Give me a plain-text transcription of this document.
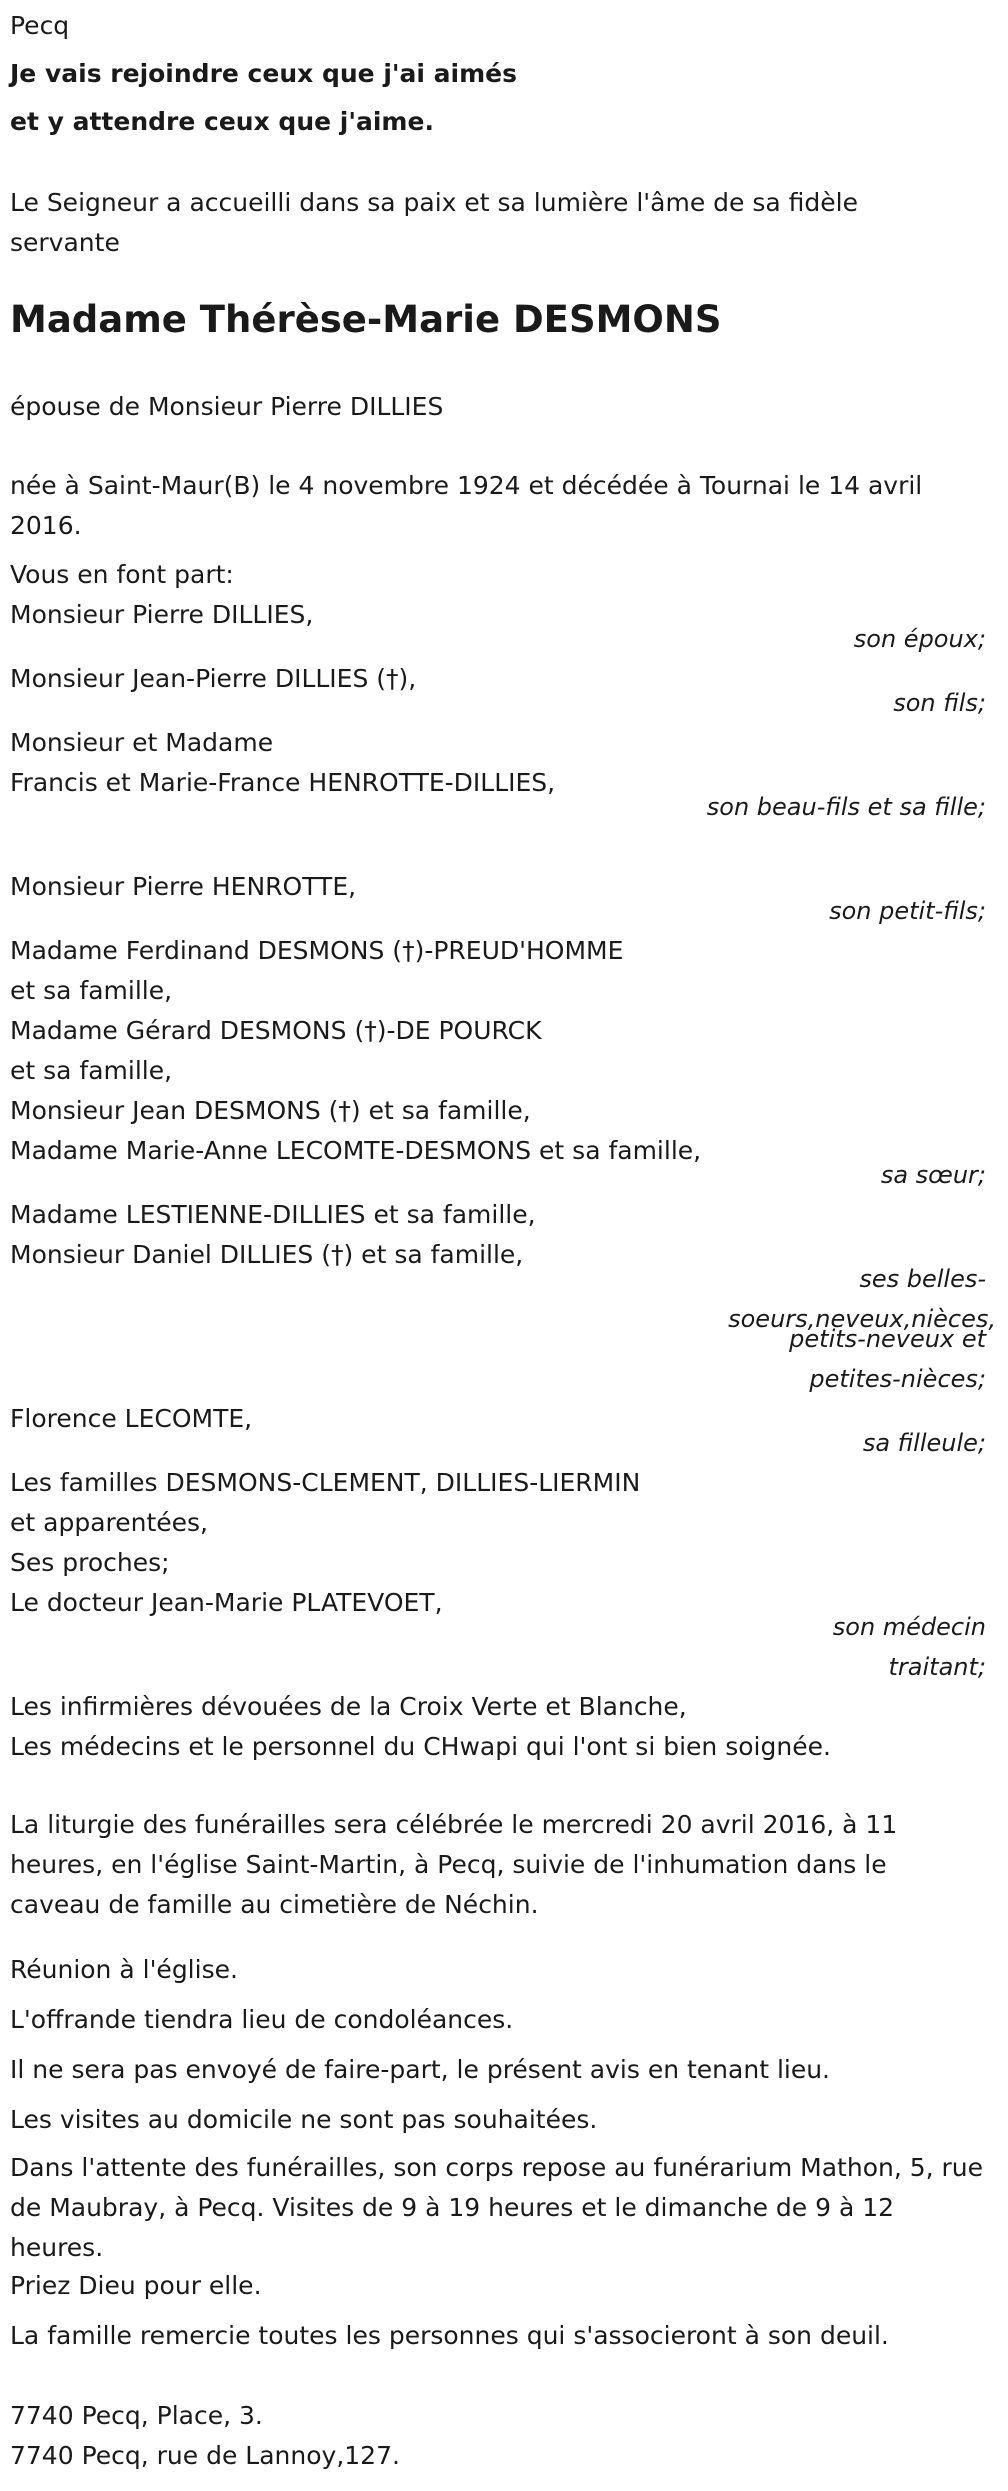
Pecq

Je vais rejoindre ceux que j'ai aimés

et y attendre ceux que j'aime.

Le Seigneur a accueilli dans sa paix et sa lumière l'âme de sa fidèle servante

Madame Thérèse-Marie DESMONS

épouse de Monsieur Pierre DILLIES

née à Saint-Maur(B) le 4 novembre 1924 et décédée à Tournai le 14 avril 2016.

Vous en font part:

Monsieur Pierre DILLIES,
son époux;
Monsieur Jean-Pierre DILLIES (†),
son fils;
Monsieur et Madame
Francis et Marie-France HENROTTE-DILLIES,
son beau-fils et sa fille;
Monsieur Pierre HENROTTE,
son petit-fils;
Madame Ferdinand DESMONS (†)-PREUD'HOMME
et sa famille,
Madame Gérard DESMONS (†)-DE POURCK
et sa famille,
Monsieur Jean DESMONS (†) et sa famille,
Madame Marie-Anne LECOMTE-DESMONS et sa famille,
sa sœur;
Madame LESTIENNE-DILLIES et sa famille,
Monsieur Daniel DILLIES (†) et sa famille,
ses belles-
soeurs,neveux,nièces,
petits-neveux et
petites-nièces;
Florence LECOMTE,
sa filleule;
Les familles DESMONS-CLEMENT, DILLIES-LIERMIN
et apparentées,
Ses proches;
Le docteur Jean-Marie PLATEVOET,
son médecin traitant;
Les infirmières dévouées de la Croix Verte et Blanche,
Les médecins et le personnel du CHwapi qui l'ont si bien soignée.

La liturgie des funérailles sera célébrée le mercredi 20 avril 2016, à 11 heures, en l'église Saint-Martin, à Pecq, suivie de l'inhumation dans le caveau de famille au cimetière de Néchin.

Réunion à l'église.

L'offrande tiendra lieu de condoléances.

Il ne sera pas envoyé de faire-part, le présent avis en tenant lieu.

Les visites au domicile ne sont pas souhaitées.

Dans l'attente des funérailles, son corps repose au funérarium Mathon, 5, rue de Maubray, à Pecq. Visites de 9 à 19 heures et le dimanche de 9 à 12 heures.

Priez Dieu pour elle.

La famille remercie toutes les personnes qui s'associeront à son deuil.

7740 Pecq, Place, 3.

7740 Pecq, rue de Lannoy,127.
